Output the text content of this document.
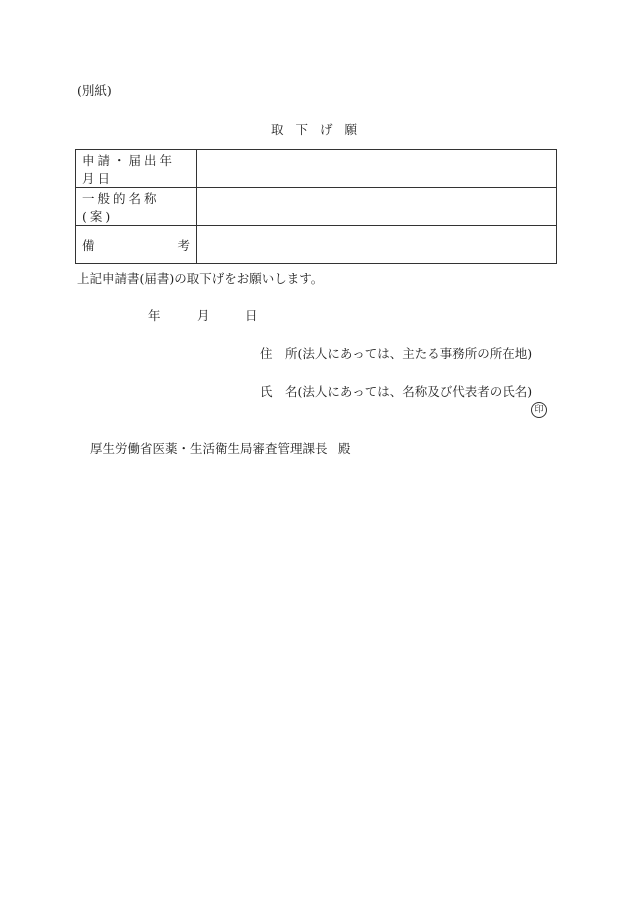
(別紙)
取 下 げ 願
申請・届出年月日	
一般的名称(案)	

備 考	

上記申請書(届書)の取下げをお願いします。
年	月	日
住　所(法人にあっては、主たる事務所の所在地)
氏　名(法人にあっては、名称及び代表者の氏名)
印
厚生労働省医薬・生活衛生局審査管理課長 殿
